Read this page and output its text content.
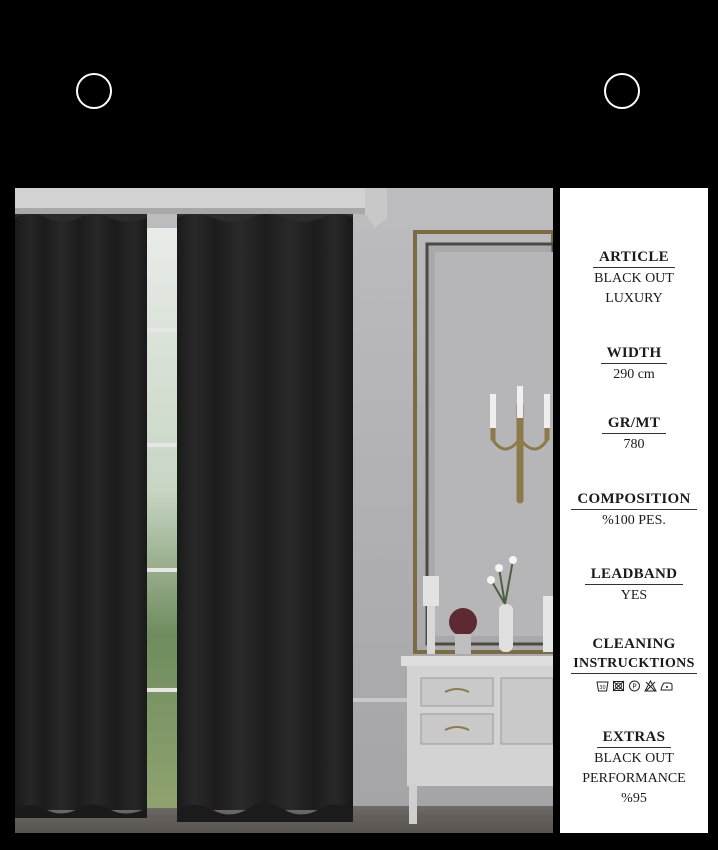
ARTICLE
BLACK OUT
LUXURY
WIDTH
290 cm
GR/MT
780
COMPOSITION
%100 PES.
LEADBAND
YES
CLEANING
INSTRUCKTIONS
30	P
EXTRAS
BLACK OUT
PERFORMANCE
%95
